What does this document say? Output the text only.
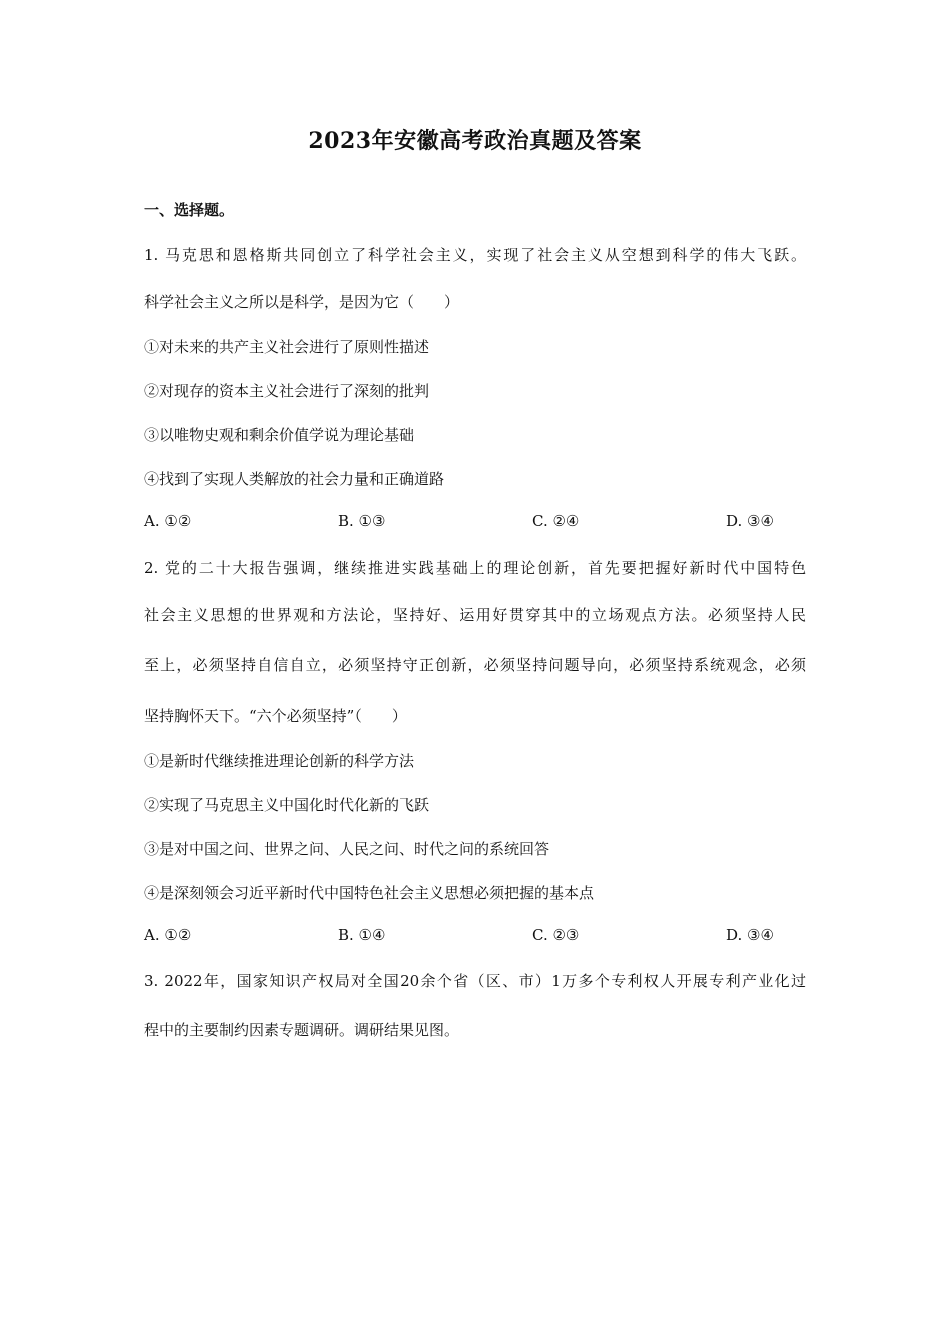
2023年安徽高考政治真题及答案
一、选择题。
1. 马克思和恩格斯共同创立了科学社会主义，实现了社会主义从空想到科学的伟大飞跃。
科学社会主义之所以是科学，是因为它（　　）
①对未来的共产主义社会进行了原则性描述
②对现存的资本主义社会进行了深刻的批判
③以唯物史观和剩余价值学说为理论基础
④找到了实现人类解放的社会力量和正确道路
A. ①②	B. ①③	C. ②④	D. ③④
2. 党的二十大报告强调，继续推进实践基础上的理论创新，首先要把握好新时代中国特色
社会主义思想的世界观和方法论，坚持好、运用好贯穿其中的立场观点方法。必须坚持人民
至上，必须坚持自信自立，必须坚持守正创新，必须坚持问题导向，必须坚持系统观念，必须
坚持胸怀天下。“六个必须坚持”（　　）
①是新时代继续推进理论创新的科学方法
②实现了马克思主义中国化时代化新的飞跃
③是对中国之问、世界之问、人民之问、时代之问的系统回答
④是深刻领会习近平新时代中国特色社会主义思想必须把握的基本点
A. ①②	B. ①④	C. ②③	D. ③④
3. 2022年，国家知识产权局对全国20余个省（区、市）1万多个专利权人开展专利产业化过
程中的主要制约因素专题调研。调研结果见图。
